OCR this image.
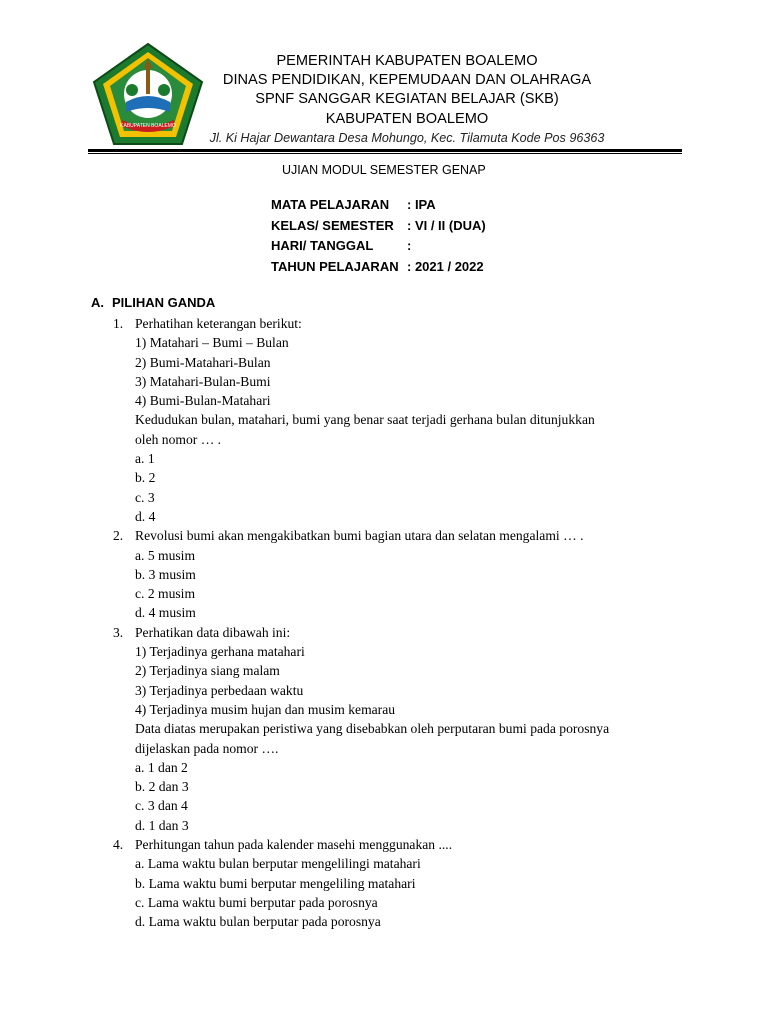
KABUPATEN BOALEMO
PEMERINTAH KABUPATEN BOALEMO
DINAS PENDIDIKAN, KEPEMUDAAN DAN OLAHRAGA
SPNF SANGGAR KEGIATAN BELAJAR (SKB)
KABUPATEN BOALEMO
Jl. Ki Hajar Dewantara Desa Mohungo, Kec. Tilamuta Kode Pos 96363
UJIAN MODUL SEMESTER GENAP
MATA PELAJARAN : IPA
KELAS/ SEMESTER : VI / II (DUA)
HARI/ TANGGAL	:
TAHUN PELAJARAN : 2021 / 2022
A. PILIHAN GANDA
1. Perhatihan keterangan berikut:
1) Matahari – Bumi – Bulan
2) Bumi-Matahari-Bulan
3) Matahari-Bulan-Bumi
4) Bumi-Bulan-Matahari
Kedudukan bulan, matahari, bumi yang benar saat terjadi gerhana bulan ditunjukkan
oleh nomor … .
a. 1
b. 2
c. 3
d. 4
2. Revolusi bumi akan mengakibatkan bumi bagian utara dan selatan mengalami … .
a. 5 musim
b. 3 musim
c. 2 musim
d. 4 musim
3. Perhatikan data dibawah ini:
1) Terjadinya gerhana matahari
2) Terjadinya siang malam
3) Terjadinya perbedaan waktu
4) Terjadinya musim hujan dan musim kemarau
Data diatas merupakan peristiwa yang disebabkan oleh perputaran bumi pada porosnya
dijelaskan pada nomor ….
a. 1 dan 2
b. 2 dan 3
c. 3 dan 4
d. 1 dan 3
4. Perhitungan tahun pada kalender masehi menggunakan ....
a. Lama waktu bulan berputar mengelilingi matahari
b. Lama waktu bumi berputar mengeliling matahari
c. Lama waktu bumi berputar pada porosnya
d. Lama waktu bulan berputar pada porosnya
